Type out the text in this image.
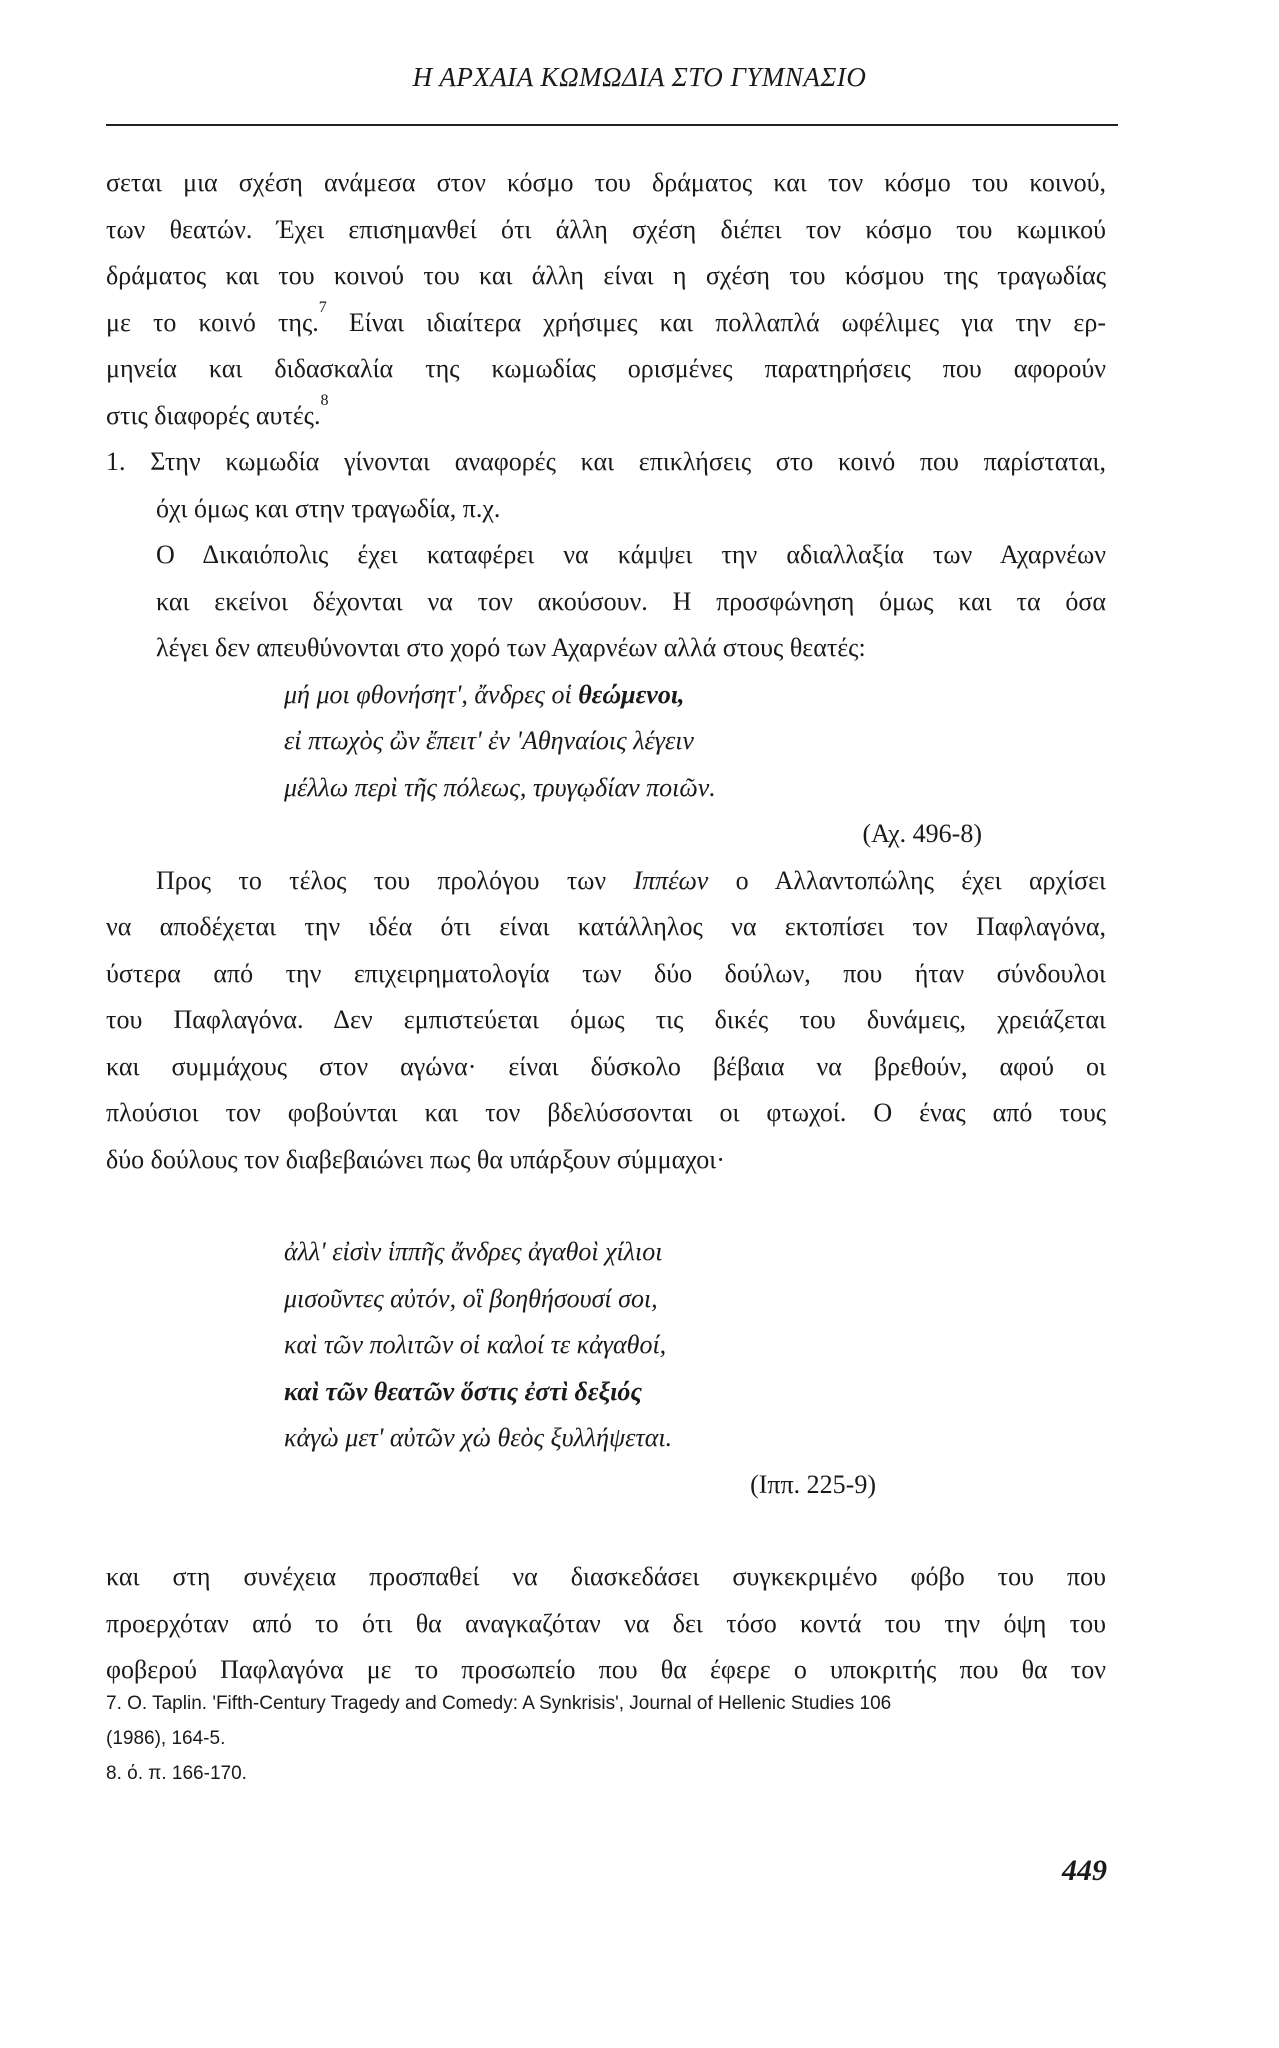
Η ΑΡΧΑΙΑ ΚΩΜΩΔΙΑ ΣΤΟ ΓΥΜΝΑΣΙΟ
σεται μια σχέση ανάμεσα στον κόσμο του δράματος και τον κόσμο του κοινού,
των θεατών. Έχει επισημανθεί ότι άλλη σχέση διέπει τον κόσμο του κωμικού
δράματος και του κοινού του και άλλη είναι η σχέση του κόσμου της τραγωδίας
με το κοινό της.$^7$ Είναι ιδιαίτερα χρήσιμες και πολλαπλά ωφέλιμες για την ερ-
μηνεία και διδασκαλία της κωμωδίας ορισμένες παρατηρήσεις που αφορούν
στις διαφορές αυτές.$^8$
1. Στην κωμωδία γίνονται αναφορές και επικλήσεις στο κοινό που παρίσταται,
όχι όμως και στην τραγωδία, π.χ.
Ο Δικαιόπολις έχει καταφέρει να κάμψει την αδιαλλαξία των Αχαρνέων
και εκείνοι δέχονται να τον ακούσουν. Η προσφώνηση όμως και τα όσα
λέγει δεν απευθύνονται στο χορό των Αχαρνέων αλλά στους θεατές:
μή μοι φθονήσητ', ἄνδρες οἱ θεώμενοι,
εἰ πτωχὸς ὢν ἔπειτ' ἐν 'Αθηναίοις λέγειν
μέλλω περὶ τῆς πόλεως, τρυγῳδίαν ποιῶν.
(Αχ. 496-8)
Προς το τέλος του προλόγου των Ιππέων ο Αλλαντοπώλης έχει αρχίσει
να αποδέχεται την ιδέα ότι είναι κατάλληλος να εκτοπίσει τον Παφλαγόνα,
ύστερα από την επιχειρηματολογία των δύο δούλων, που ήταν σύνδουλοι
του Παφλαγόνα. Δεν εμπιστεύεται όμως τις δικές του δυνάμεις, χρειάζεται
και συμμάχους στον αγώνα· είναι δύσκολο βέβαια να βρεθούν, αφού οι
πλούσιοι τον φοβούνται και τον βδελύσσονται οι φτωχοί. Ο ένας από τους
δύο δούλους τον διαβεβαιώνει πως θα υπάρξουν σύμμαχοι·
ἀλλ' εἰσὶν ἱππῆς ἄνδρες ἀγαθοὶ χίλιοι
μισοῦντες αὐτόν, οἳ βοηθήσουσί σοι,
καὶ τῶν πολιτῶν οἱ καλοί τε κἀγαθοί,
καὶ τῶν θεατῶν ὅστις ἐστὶ δεξιός
κἀγὼ μετ' αὐτῶν χὠ θεὸς ξυλλήψεται.
(Ιππ. 225-9)
και στη συνέχεια προσπαθεί να διασκεδάσει συγκεκριμένο φόβο του που
προερχόταν από το ότι θα αναγκαζόταν να δει τόσο κοντά του την όψη του
φοβερού Παφλαγόνα με το προσωπείο που θα έφερε ο υποκριτής που θα τον
7. O. Taplin. 'Fifth-Century Tragedy and Comedy: A Synkrisis', Journal of Hellenic Studies 106
(1986), 164-5.
8. ό. π. 166-170.
449
